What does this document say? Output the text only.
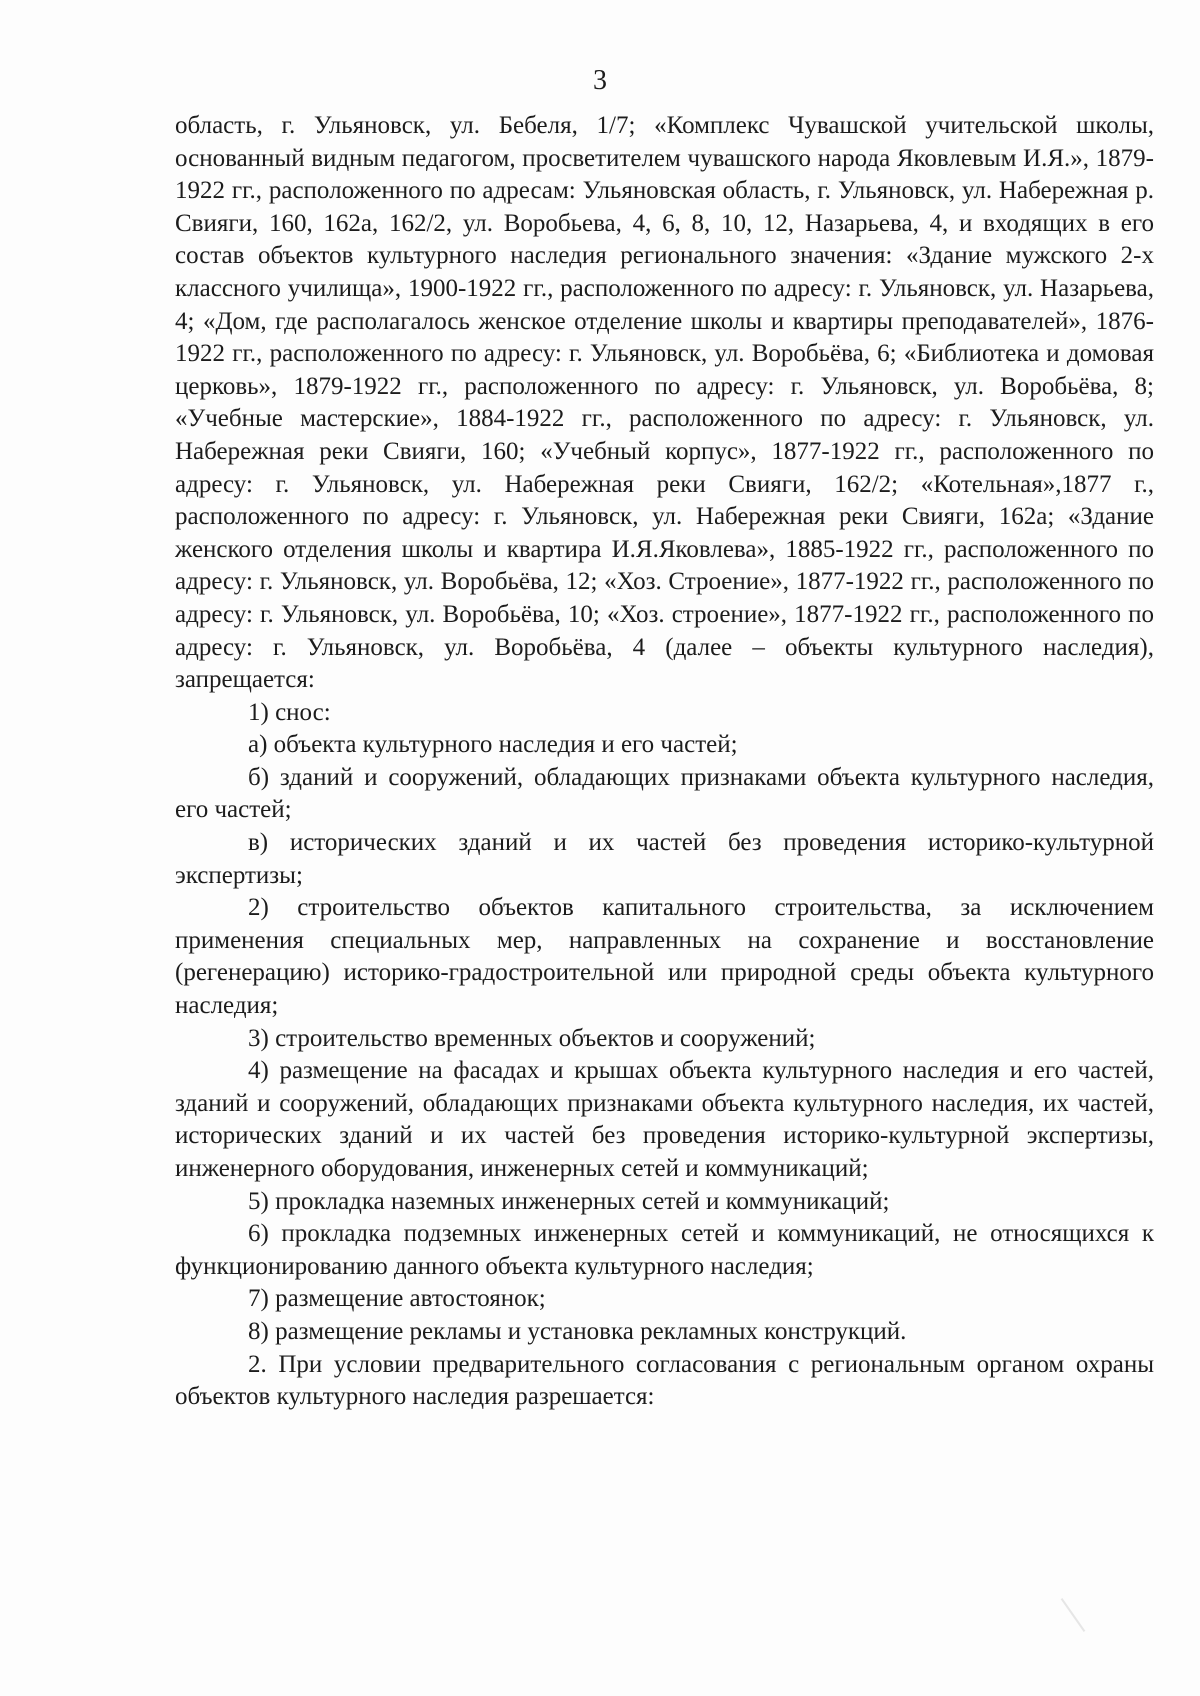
3

область, г. Ульяновск, ул. Бебеля, 1/7; «Комплекс Чувашской учительской школы, основанный видным педагогом, просветителем чувашского народа Яковлевым И.Я.», 1879-1922 гг., расположенного по адресам: Ульяновская область, г. Ульяновск, ул. Набережная р. Свияги, 160, 162а, 162/2, ул. Воробьева, 4, 6, 8, 10, 12, Назарьева, 4, и входящих в его состав объектов культурного наследия регионального значения: «Здание мужского 2-х классного училища», 1900-1922 гг., расположенного по адресу: г. Ульяновск, ул. Назарьева, 4; «Дом, где располагалось женское отделение школы и квартиры преподавателей», 1876-1922 гг., расположенного по адресу: г. Ульяновск, ул. Воробьёва, 6; «Библиотека и домовая церковь», 1879-1922 гг., расположенного по адресу: г. Ульяновск, ул. Воробьёва, 8; «Учебные мастерские», 1884-1922 гг., расположенного по адресу: г. Ульяновск, ул. Набережная реки Свияги, 160; «Учебный корпус», 1877-1922 гг., расположенного по адресу: г. Ульяновск, ул. Набережная реки Свияги, 162/2; «Котельная»,1877 г., расположенного по адресу: г. Ульяновск, ул. Набережная реки Свияги, 162а; «Здание женского отделения школы и квартира И.Я.Яковлева», 1885-1922 гг., расположенного по адресу: г. Ульяновск, ул. Воробьёва, 12; «Хоз. Строение», 1877-1922 гг., расположенного по адресу: г. Ульяновск, ул. Воробьёва, 10; «Хоз. строение», 1877-1922 гг., расположенного по адресу: г. Ульяновск, ул. Воробьёва, 4 (далее – объекты культурного наследия), запрещается:

1) снос:

а) объекта культурного наследия и его частей;

б) зданий и сооружений, обладающих признаками объекта культурного наследия, его частей;

в) исторических зданий и их частей без проведения историко-культурной экспертизы;

2) строительство объектов капитального строительства, за исключением применения специальных мер, направленных на сохранение и восстановление (регенерацию) историко-градостроительной или природной среды объекта культурного наследия;

3) строительство временных объектов и сооружений;

4) размещение на фасадах и крышах объекта культурного наследия и его частей, зданий и сооружений, обладающих признаками объекта культурного наследия, их частей, исторических зданий и их частей без проведения историко-культурной экспертизы, инженерного оборудования, инженерных сетей и коммуникаций;

5) прокладка наземных инженерных сетей и коммуникаций;

6) прокладка подземных инженерных сетей и коммуникаций, не относящихся к функционированию данного объекта культурного наследия;

7) размещение автостоянок;

8) размещение рекламы и установка рекламных конструкций.

2. При условии предварительного согласования с региональным органом охраны объектов культурного наследия разрешается:
